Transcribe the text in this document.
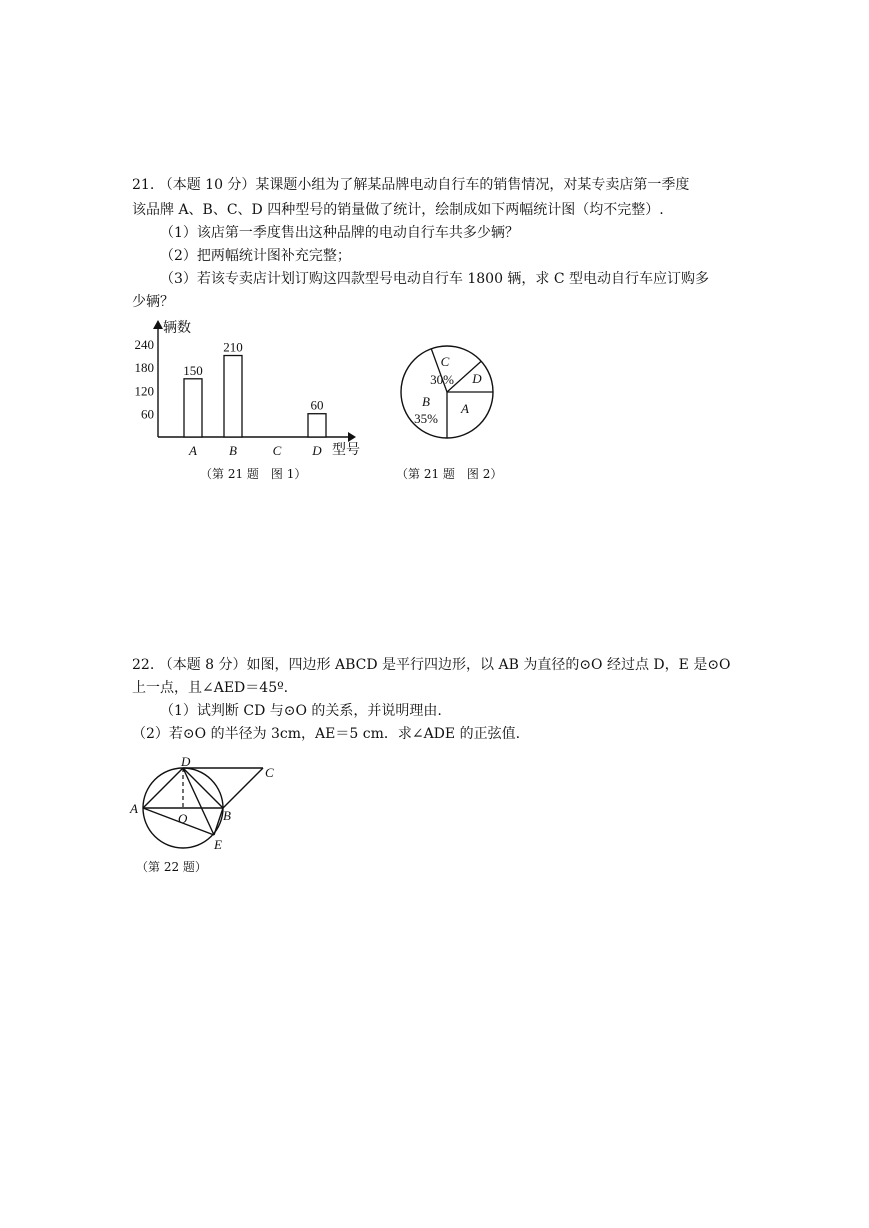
21. （本题 10 分）某课题小组为了解某品牌电动自行车的销售情况，对某专卖店第一季度
该品牌 A、B、C、D 四种型号的销量做了统计，绘制成如下两幅统计图（均不完整）.
（1）该店第一季度售出这种品牌的电动自行车共多少辆？
（2）把两幅统计图补充完整；
（3）若该专卖店计划订购这四款型号电动自行车 1800 辆，求 C 型电动自行车应订购多
少辆？
辆数
型号
60
120
180
240
150
A
210
B	C
60
D
（第 21 题　图 1）
C
30% D
A
B
35%
（第 21 题　图 2）
22. （本题 8 分）如图，四边形 ABCD 是平行四边形，以 AB 为直径的⊙O 经过点 D，E 是⊙O
上一点，且∠AED＝45º.
（1）试判断 CD 与⊙O 的关系，并说明理由.
（2）若⊙O 的半径为 3cm，AE＝5 cm．求∠ADE 的正弦值.
D
C
A
O	B
E
（第 22 题）
